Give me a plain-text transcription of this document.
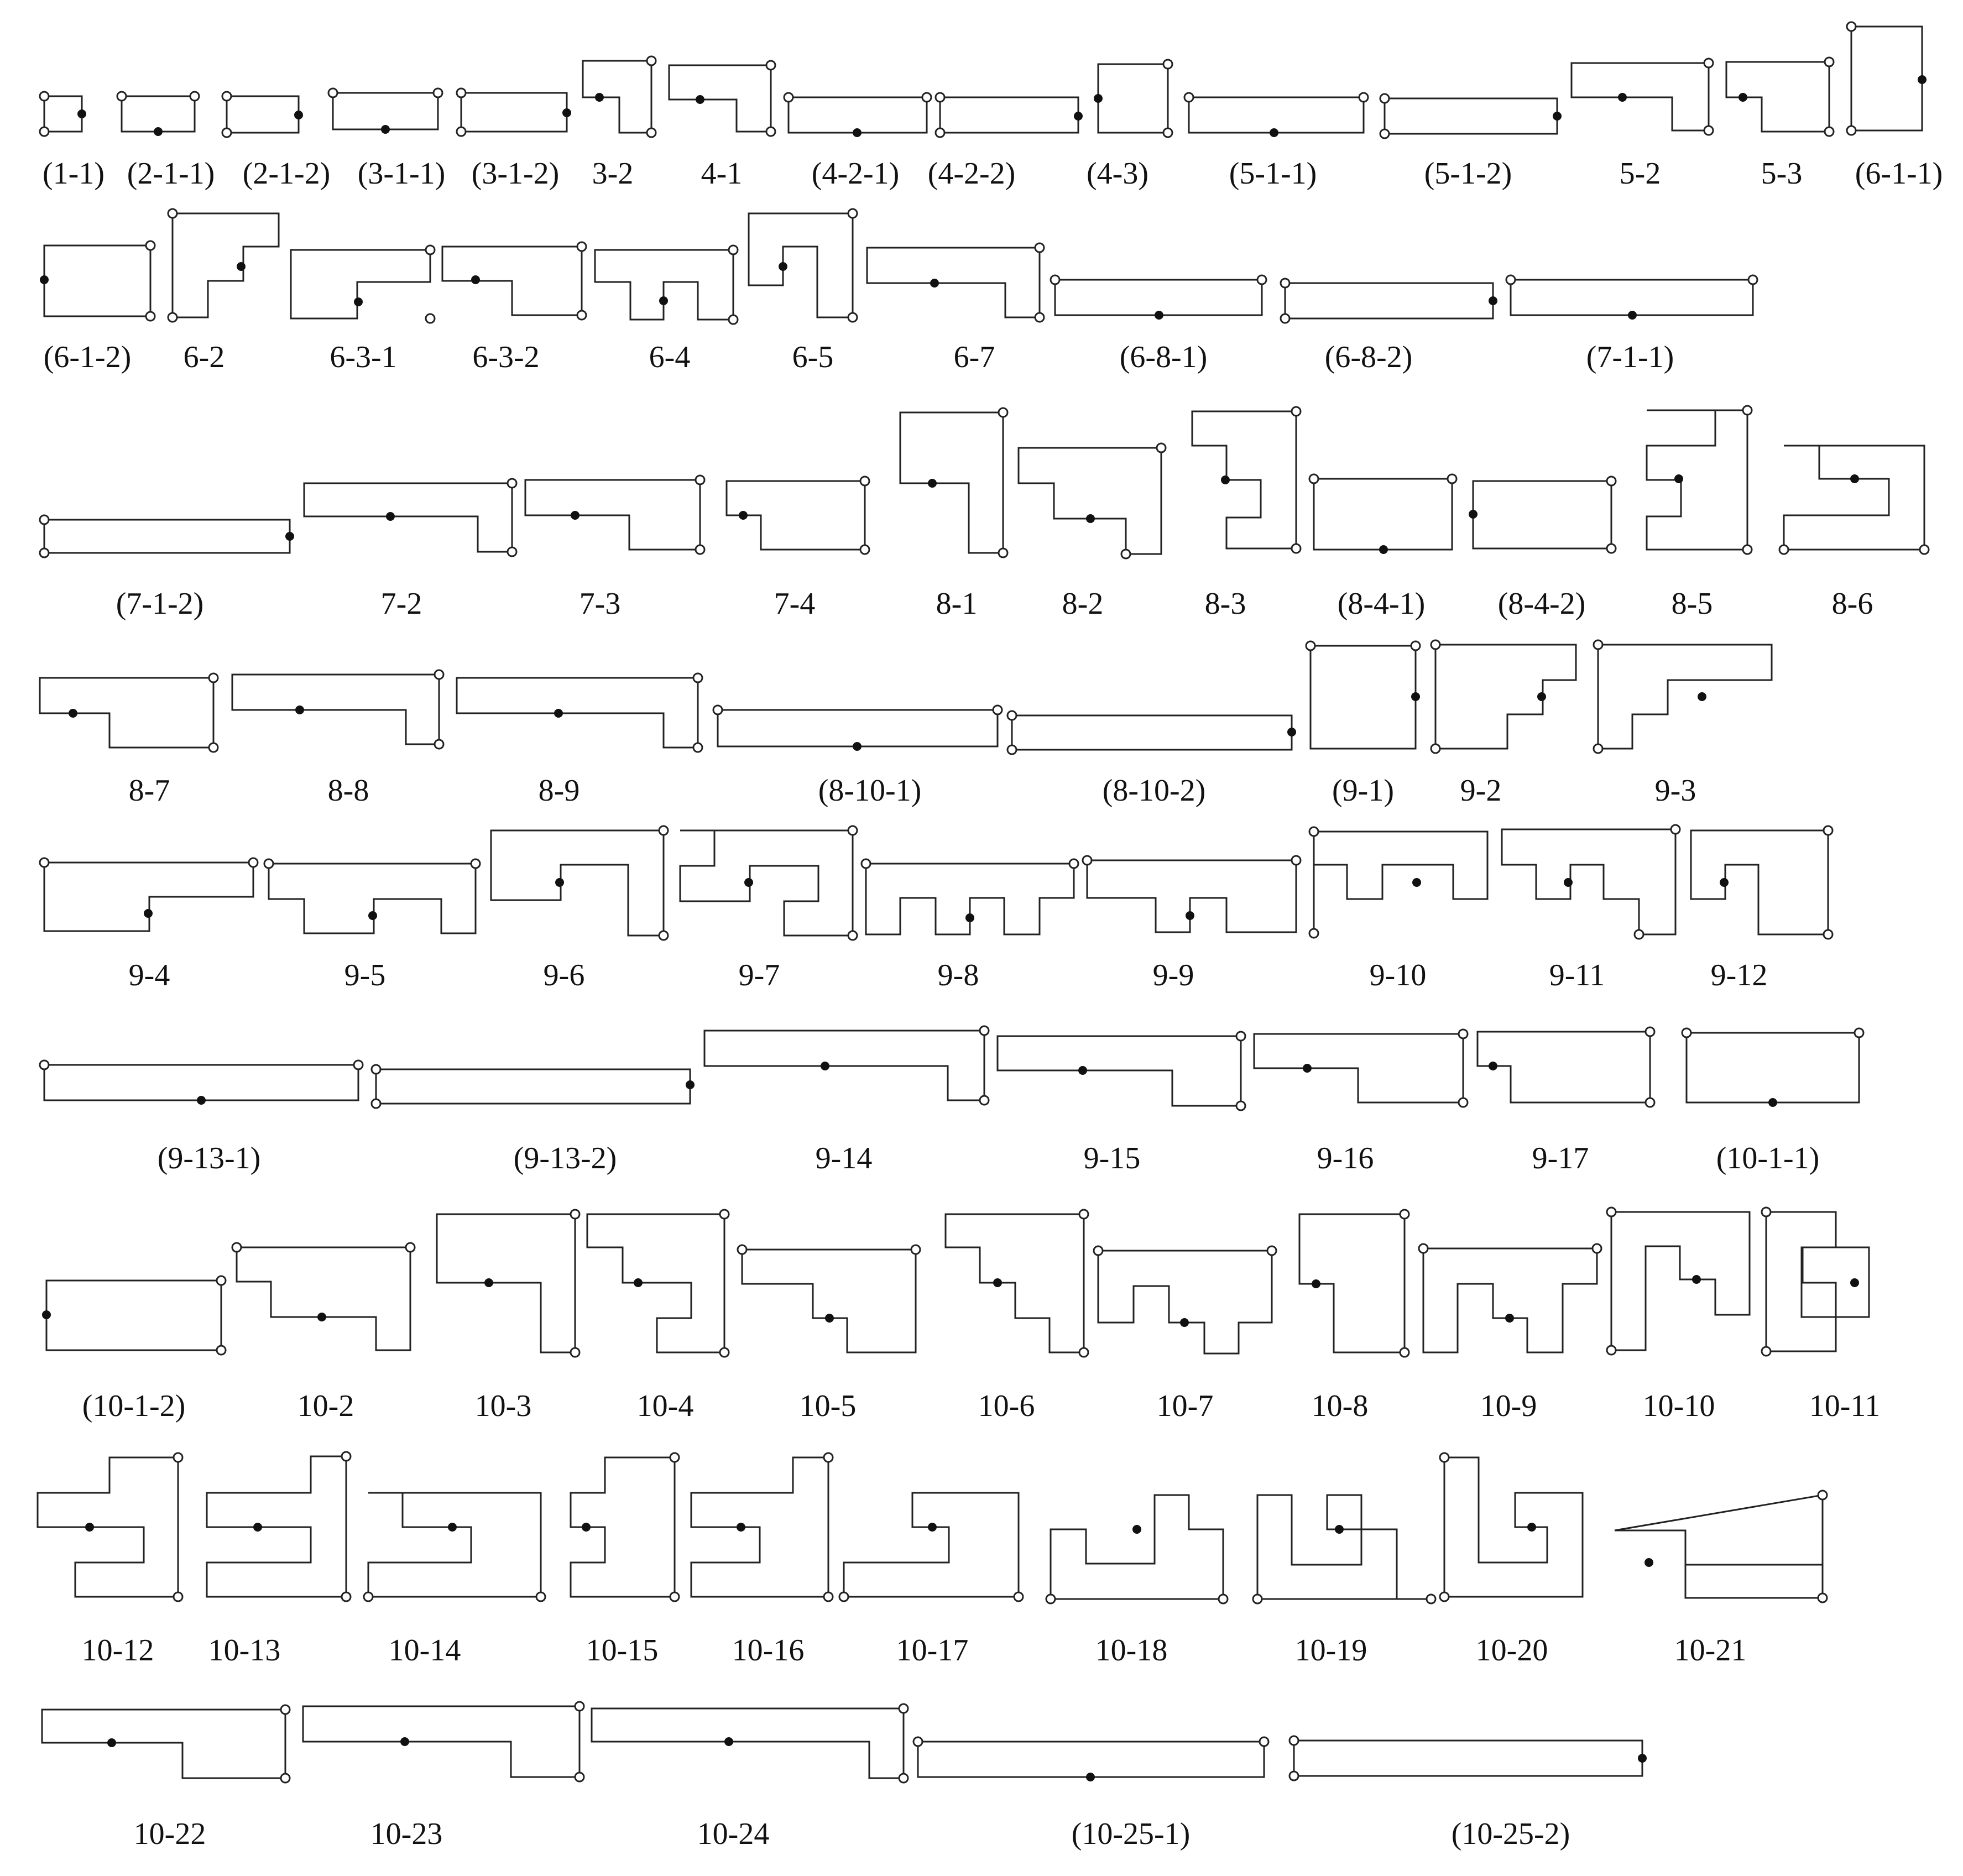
(1-1) (2-1-1) (2-1-2) (3-1-1) (3-1-2) 3-2 4-1 (4-2-1) (4-2-2) (4-3)	(5-1-1)	(5-1-2)	5-2	5-3 (6-1-1)
(6-1-2) 6-2	6-3-1 6-3-2	6-4	6-5	6-7	(6-8-1)	(6-8-2)	(7-1-1)
(7-1-2)	7-2	7-3	7-4	8-1	8-2	8-3	(8-4-1) (8-4-2)	8-5	8-6
8-7	8-8	8-9	(8-10-1)	(8-10-2)	(9-1) 9-2	9-3
9-4	9-5	9-6	9-7	9-8	9-9	9-10	9-11	9-12
(9-13-1)	(9-13-2)	9-14	9-15	9-16	9-17	(10-1-1)
(10-1-2)	10-2	10-3	10-4	10-5	10-6	10-7	10-8	10-9	10-10	10-11
10-12 10-13	10-14	10-15 10-16	10-17	10-18	10-19	10-20	10-21
10-22	10-23	10-24	(10-25-1)	(10-25-2)
